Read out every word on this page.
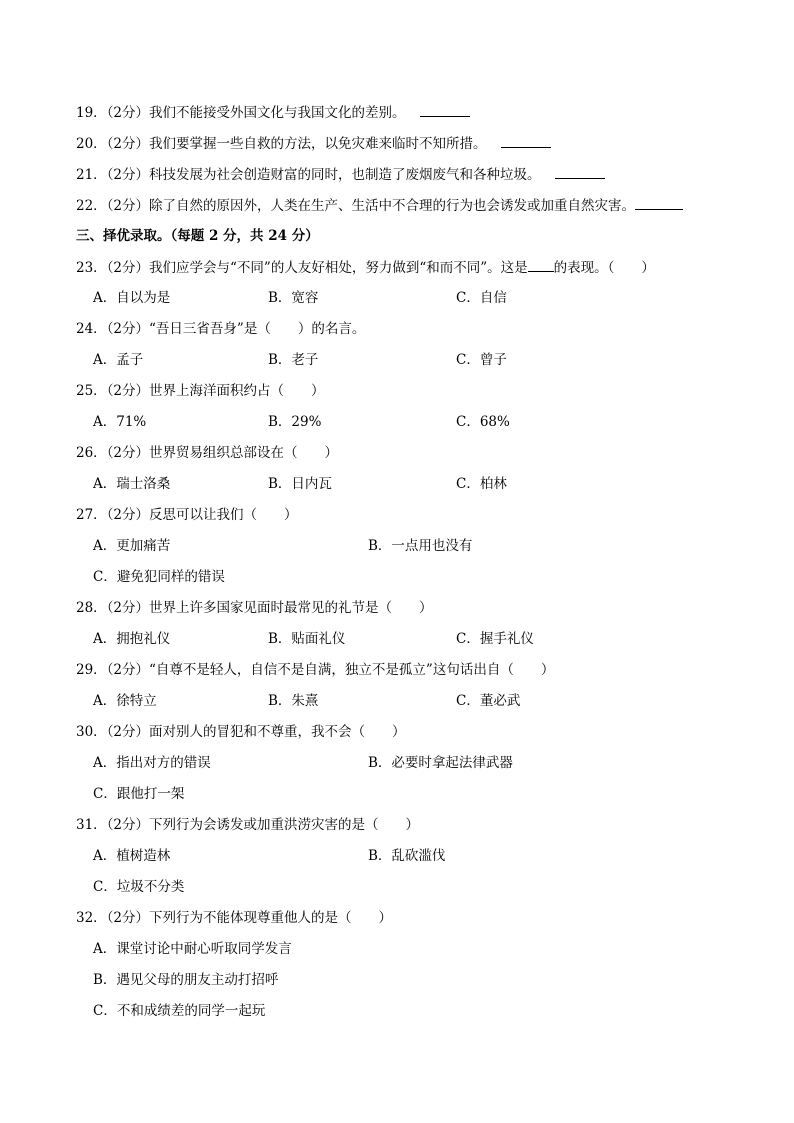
19．（2分）我们不能接受外国文化与我国文化的差别。
20．（2分）我们要掌握一些自救的方法，以免灾难来临时不知所措。
21．（2分）科技发展为社会创造财富的同时，也制造了废烟废气和各种垃圾。
22．（2分）除了自然的原因外，人类在生产、生活中不合理的行为也会诱发或加重自然灾害。
三、择优录取。（每题 2 分，共 24 分）
23．（2分）我们应学会与“不同”的人友好相处，努力做到“和而不同”。这是 的表现。（　　）
A．自以为是	B．宽容	C．自信
24．（2分）“吾日三省吾身”是（　　）的名言。
A．孟子	B．老子	C．曾子
25．（2分）世界上海洋面积约占（　　）
A．71%	B．29%	C．68%
26．（2分）世界贸易组织总部设在（　　）
A．瑞士洛桑	B．日内瓦	C．柏林
27．（2分）反思可以让我们（　　）
A．更加痛苦	B．一点用也没有
C．避免犯同样的错误
28．（2分）世界上许多国家见面时最常见的礼节是（　　）
A．拥抱礼仪	B．贴面礼仪	C．握手礼仪
29．（2分）“自尊不是轻人，自信不是自满，独立不是孤立”这句话出自（　　）
A．徐特立	B．朱熹	C．董必武
30．（2分）面对别人的冒犯和不尊重，我不会（　　）
A．指出对方的错误	B．必要时拿起法律武器
C．跟他打一架
31．（2分）下列行为会诱发或加重洪涝灾害的是（　　）
A．植树造林	B．乱砍滥伐
C．垃圾不分类
32．（2分）下列行为不能体现尊重他人的是（　　）
A．课堂讨论中耐心听取同学发言
B．遇见父母的朋友主动打招呼
C．不和成绩差的同学一起玩
